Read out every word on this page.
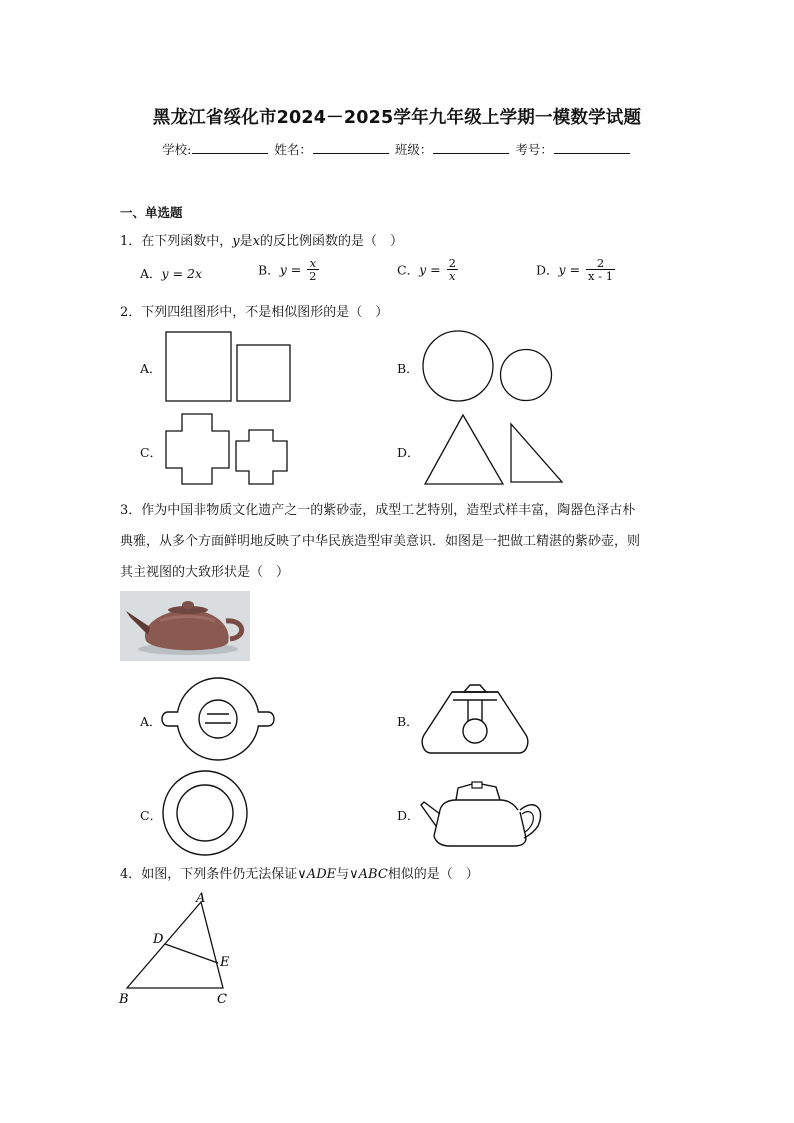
黑龙江省绥化市2024－2025学年九年级上学期一模数学试题
学校:	姓名：	班级：	考号：
一、单选题
1．在下列函数中，y是x的反比例函数的是（　）
A．y = 2x	B．$y = \frac{x}{2}$	C．$y = \frac{2}{x}$	D．$y = \frac{2}{x - 1}$
2．下列四组图形中，不是相似图形的是（　）
A．	B．
C．	D．
3．作为中国非物质文化遗产之一的紫砂壶，成型工艺特别，造型式样丰富，陶器色泽古朴
典雅，从多个方面鲜明地反映了中华民族造型审美意识．如图是一把做工精湛的紫砂壶，则
其主视图的大致形状是（　）
A．	B．
C．	D．
4．如图，下列条件仍无法保证∨ADE与∨ABC相似的是（　）
A
B	C
D
E
